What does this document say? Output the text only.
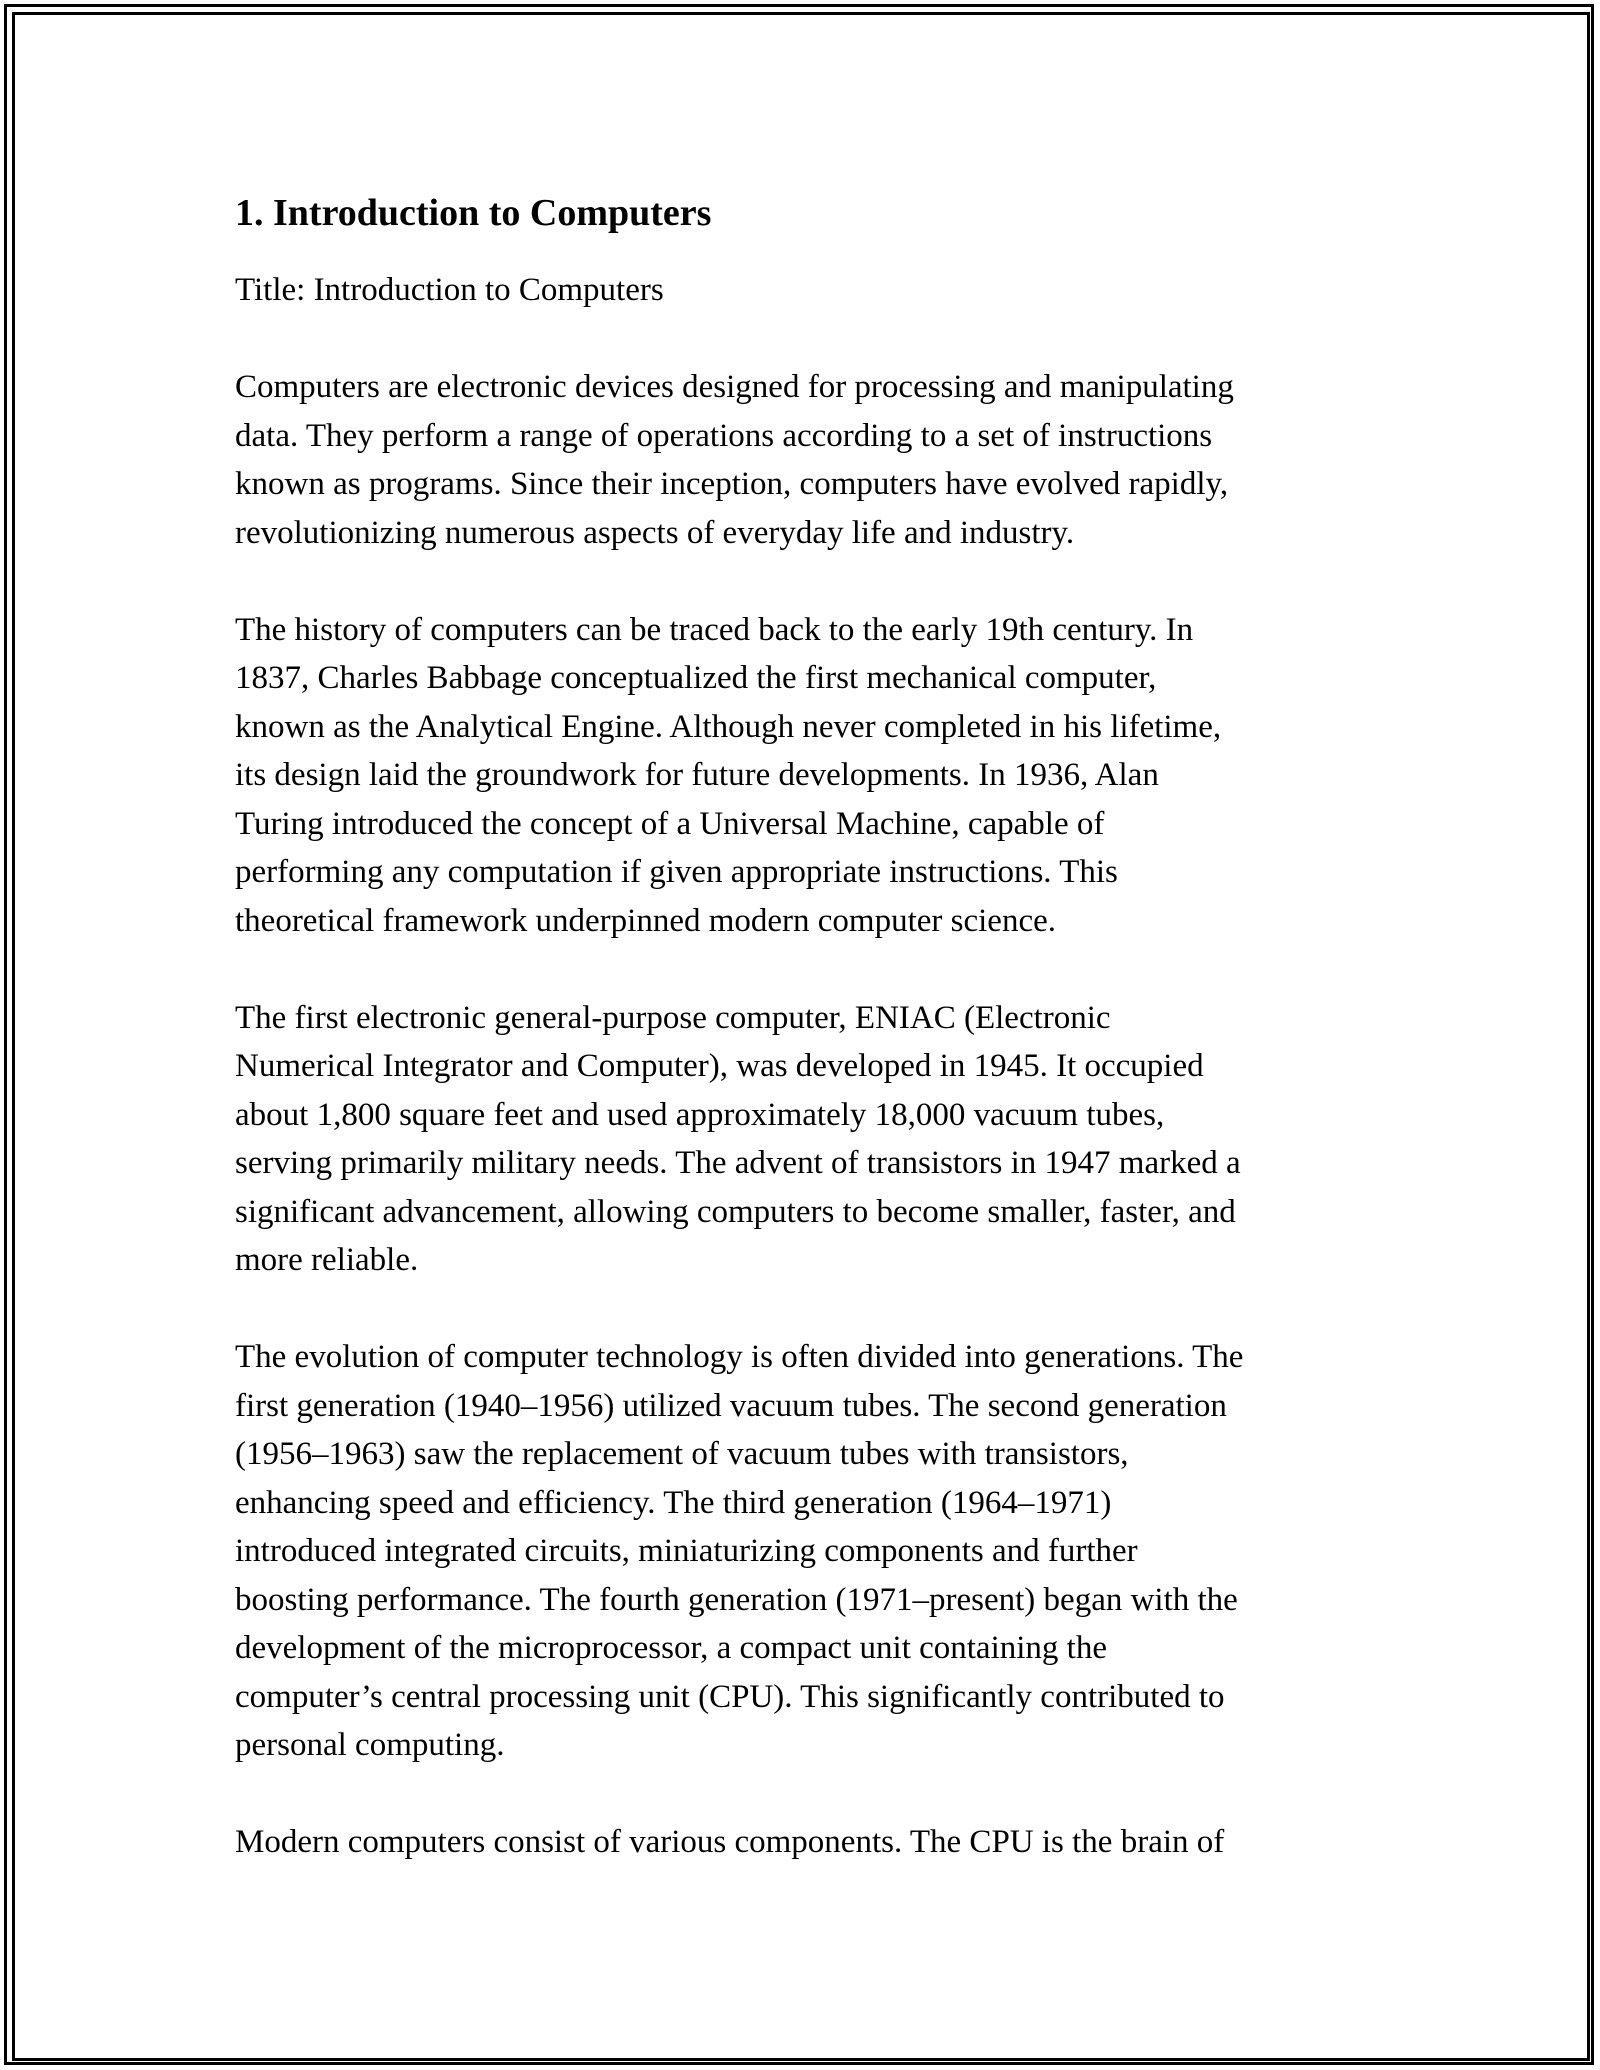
1. Introduction to Computers

Title: Introduction to Computers

Computers are electronic devices designed for processing and manipulating
data. They perform a range of operations according to a set of instructions
known as programs. Since their inception, computers have evolved rapidly,
revolutionizing numerous aspects of everyday life and industry.

The history of computers can be traced back to the early 19th century. In
1837, Charles Babbage conceptualized the first mechanical computer,
known as the Analytical Engine. Although never completed in his lifetime,
its design laid the groundwork for future developments. In 1936, Alan
Turing introduced the concept of a Universal Machine, capable of
performing any computation if given appropriate instructions. This
theoretical framework underpinned modern computer science.

The first electronic general-purpose computer, ENIAC (Electronic
Numerical Integrator and Computer), was developed in 1945. It occupied
about 1,800 square feet and used approximately 18,000 vacuum tubes,
serving primarily military needs. The advent of transistors in 1947 marked a
significant advancement, allowing computers to become smaller, faster, and
more reliable.

The evolution of computer technology is often divided into generations. The
first generation (1940–1956) utilized vacuum tubes. The second generation
(1956–1963) saw the replacement of vacuum tubes with transistors,
enhancing speed and efficiency. The third generation (1964–1971)
introduced integrated circuits, miniaturizing components and further
boosting performance. The fourth generation (1971–present) began with the
development of the microprocessor, a compact unit containing the
computer’s central processing unit (CPU). This significantly contributed to
personal computing.

Modern computers consist of various components. The CPU is the brain of
